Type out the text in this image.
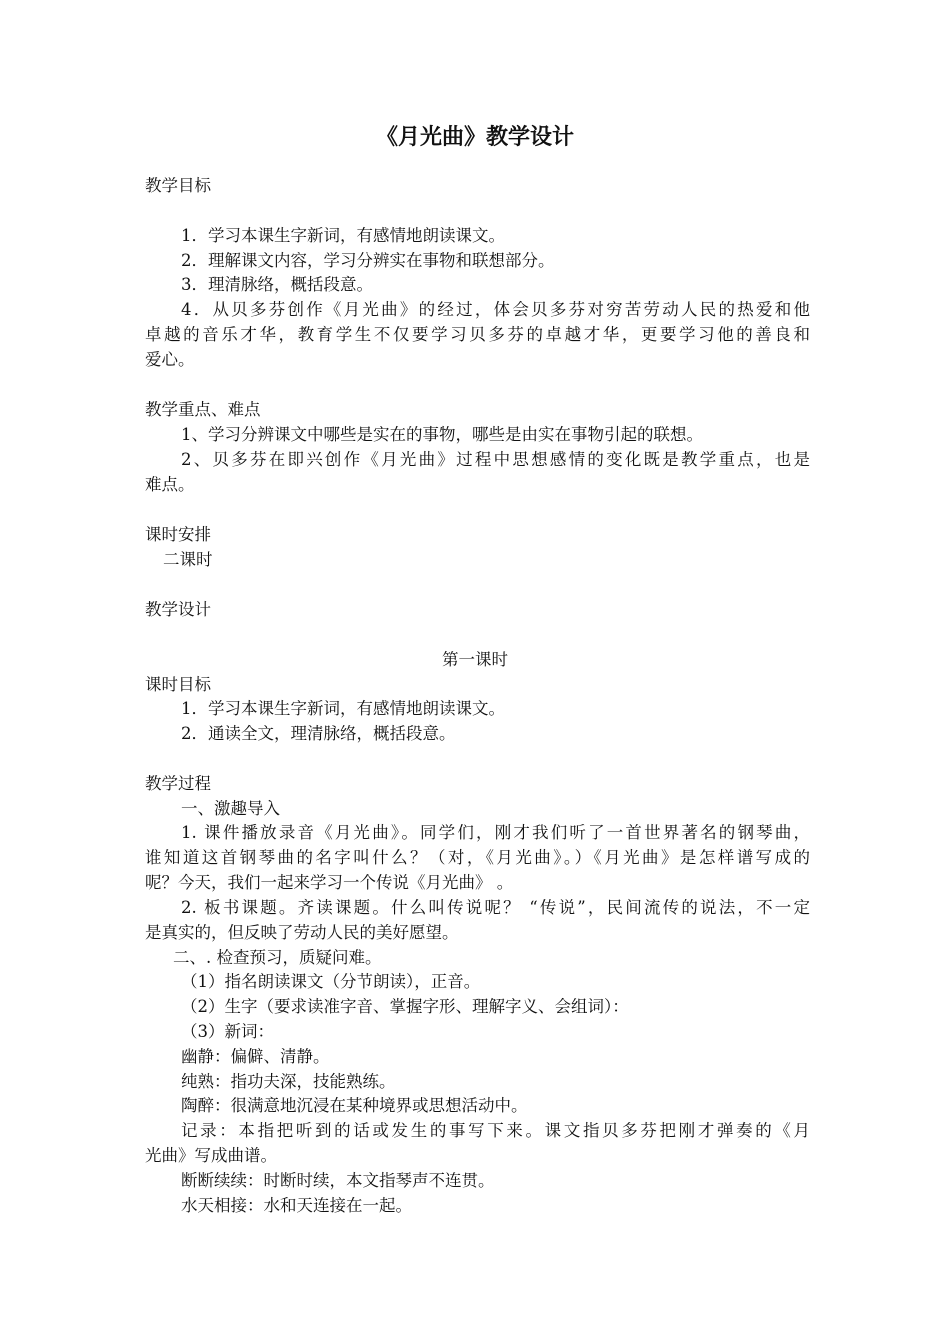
《月光曲》教学设计
教学目标
1．学习本课生字新词，有感情地朗读课文。
2．理解课文内容，学习分辨实在事物和联想部分。
3．理清脉络，概括段意。
4．从贝多芬创作《月光曲》的经过，体会贝多芬对穷苦劳动人民的热爱和他
卓越的音乐才华，教育学生不仅要学习贝多芬的卓越才华，更要学习他的善良和
爱心。
教学重点、难点
1、学习分辨课文中哪些是实在的事物，哪些是由实在事物引起的联想。
2、贝多芬在即兴创作《月光曲》过程中思想感情的变化既是教学重点，也是
难点。
课时安排
二课时
教学设计
第一课时
课时目标
1．学习本课生字新词，有感情地朗读课文。
2．通读全文，理清脉络，概括段意。
教学过程
一、激趣导入
1. 课件播放录音《月光曲》。同学们，刚才我们听了一首世界著名的钢琴曲，
谁知道这首钢琴曲的名字叫什么？（对，《月光曲》。）《月光曲》是怎样谱写成的
呢？今天，我们一起来学习一个传说《月光曲》 。
2. 板书课题。齐读课题。什么叫传说呢？ “传说”，民间流传的说法，不一定
是真实的，但反映了劳动人民的美好愿望。
二、. 检查预习，质疑问难。
（1）指名朗读课文（分节朗读），正音。
（2）生字（要求读准字音、掌握字形、理解字义、会组词）：
（3）新词：
幽静：偏僻、清静。
纯熟：指功夫深，技能熟练。
陶醉：很满意地沉浸在某种境界或思想活动中。
记录：本指把听到的话或发生的事写下来。课文指贝多芬把刚才弹奏的《月
光曲》写成曲谱。
断断续续：时断时续，本文指琴声不连贯。
水天相接：水和天连接在一起。
